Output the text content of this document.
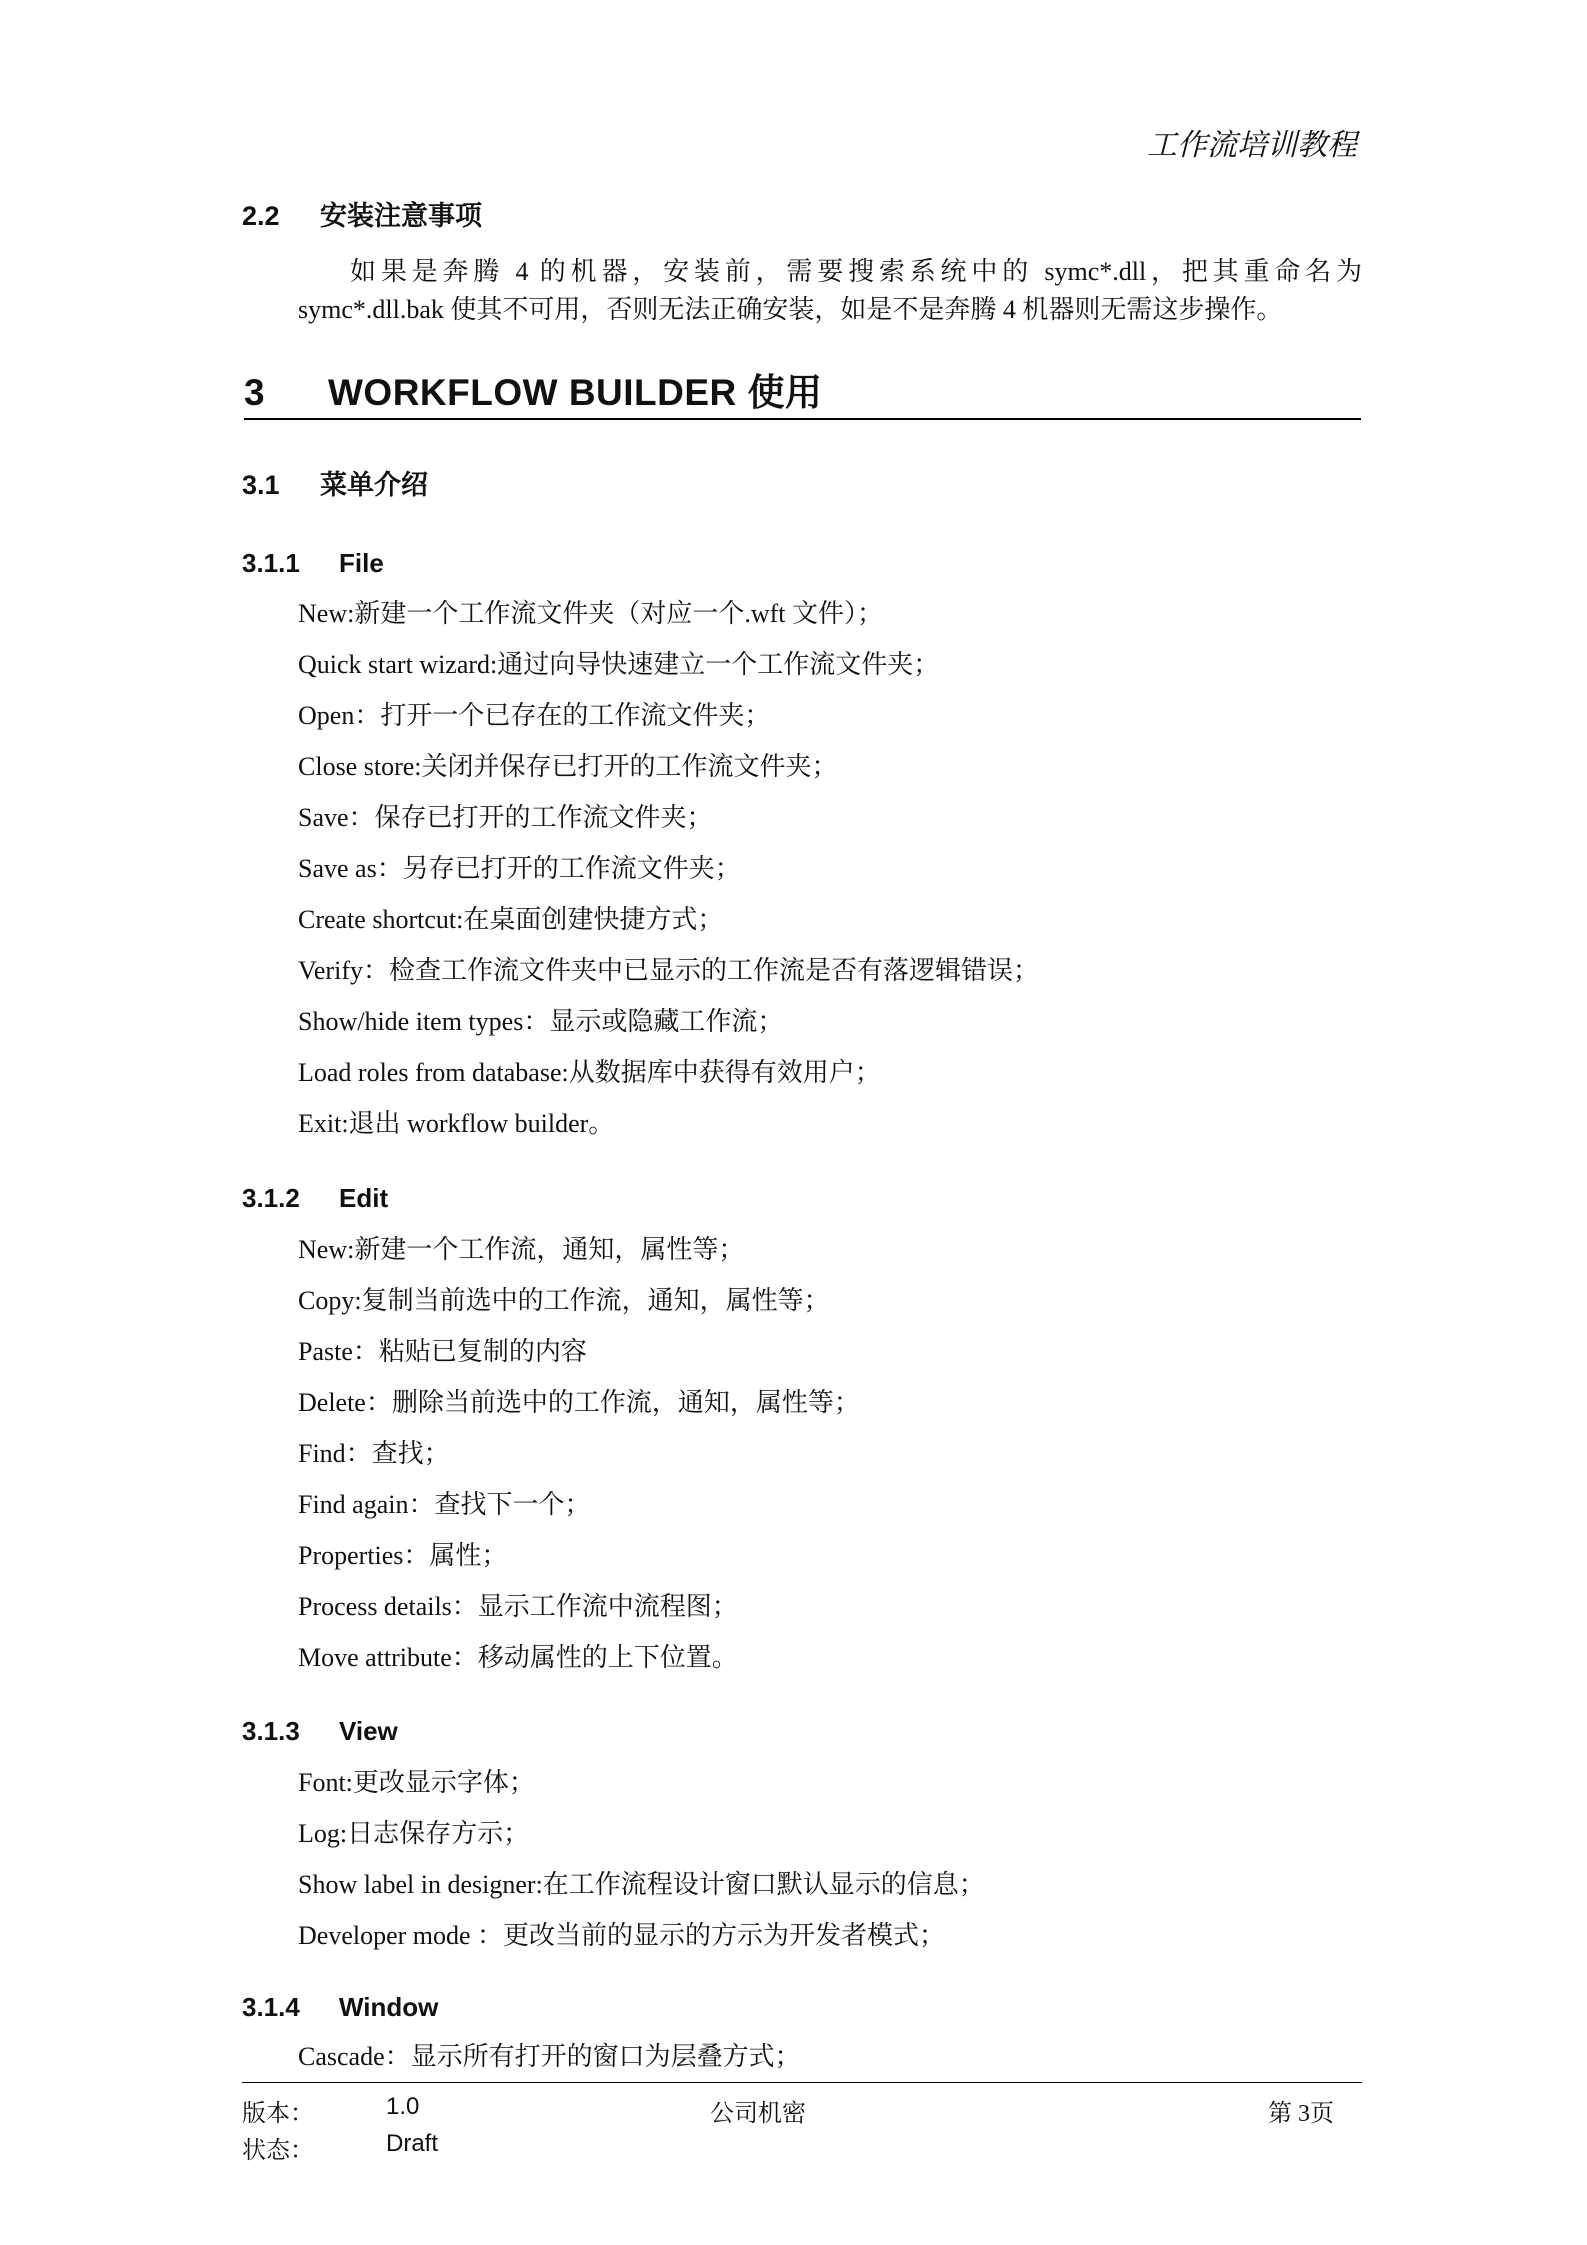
工作流培训教程
2.2 安装注意事项
如果是奔腾 4 的机器，安装前，需要搜索系统中的 symc*.dll，把其重命名为 symc*.dll.bak 使其不可用，否则无法正确安装，如是不是奔腾 4 机器则无需这步操作。
3 WORKFLOW BUILDER 使用
3.1 菜单介绍
3.1.1 File
New:新建一个工作流文件夹（对应一个.wft 文件）；
Quick start wizard:通过向导快速建立一个工作流文件夹；
Open：打开一个已存在的工作流文件夹；
Close store:关闭并保存已打开的工作流文件夹；
Save：保存已打开的工作流文件夹；
Save as：另存已打开的工作流文件夹；
Create shortcut:在桌面创建快捷方式；
Verify：检查工作流文件夹中已显示的工作流是否有落逻辑错误；
Show/hide item types：显示或隐藏工作流；
Load roles from database:从数据库中获得有效用户；
Exit:退出 workflow builder。
3.1.2 Edit
New:新建一个工作流，通知，属性等；
Copy:复制当前选中的工作流，通知，属性等；
Paste：粘贴已复制的内容
Delete：删除当前选中的工作流，通知，属性等；
Find：查找；
Find again：查找下一个；
Properties：属性；
Process details：显示工作流中流程图；
Move attribute：移动属性的上下位置。
3.1.3 View
Font:更改显示字体；
Log:日志保存方示；
Show label in designer:在工作流程设计窗口默认显示的信息；
Developer mode ：更改当前的显示的方示为开发者模式；
3.1.4 Window
Cascade：显示所有打开的窗口为层叠方式；
版本：	1.0	公司机密	第 3页
状态：	Draft
